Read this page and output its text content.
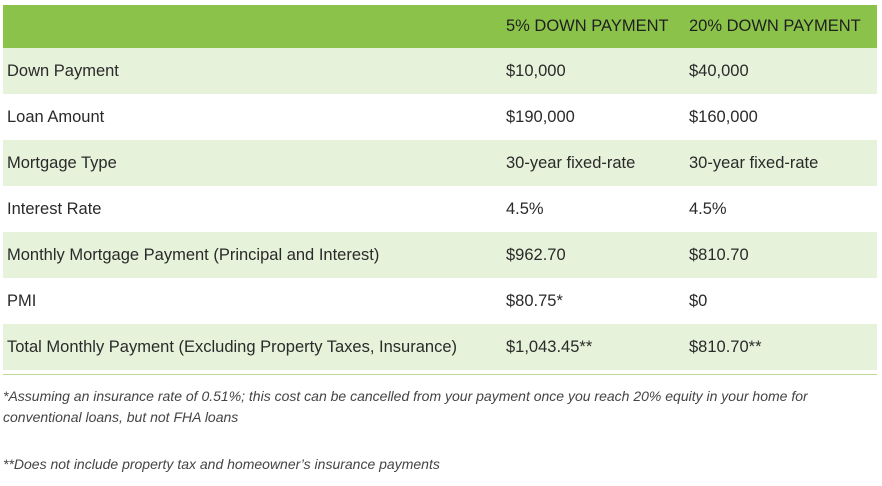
	5% DOWN PAYMENT	20% DOWN PAYMENT
Down Payment	$10,000	$40,000
Loan Amount	$190,000	$160,000
Mortgage Type	30-year fixed-rate	30-year fixed-rate
Interest Rate	4.5%	4.5%
Monthly Mortgage Payment (Principal and Interest)	$962.70	$810.70
PMI	$80.75*	$0
Total Monthly Payment (Excluding Property Taxes, Insurance)	$1,043.45**	$810.70**
*Assuming an insurance rate of 0.51%; this cost can be cancelled from your payment once you reach 20% equity in your home for conventional loans, but not FHA loans
**Does not include property tax and homeowner’s insurance payments
